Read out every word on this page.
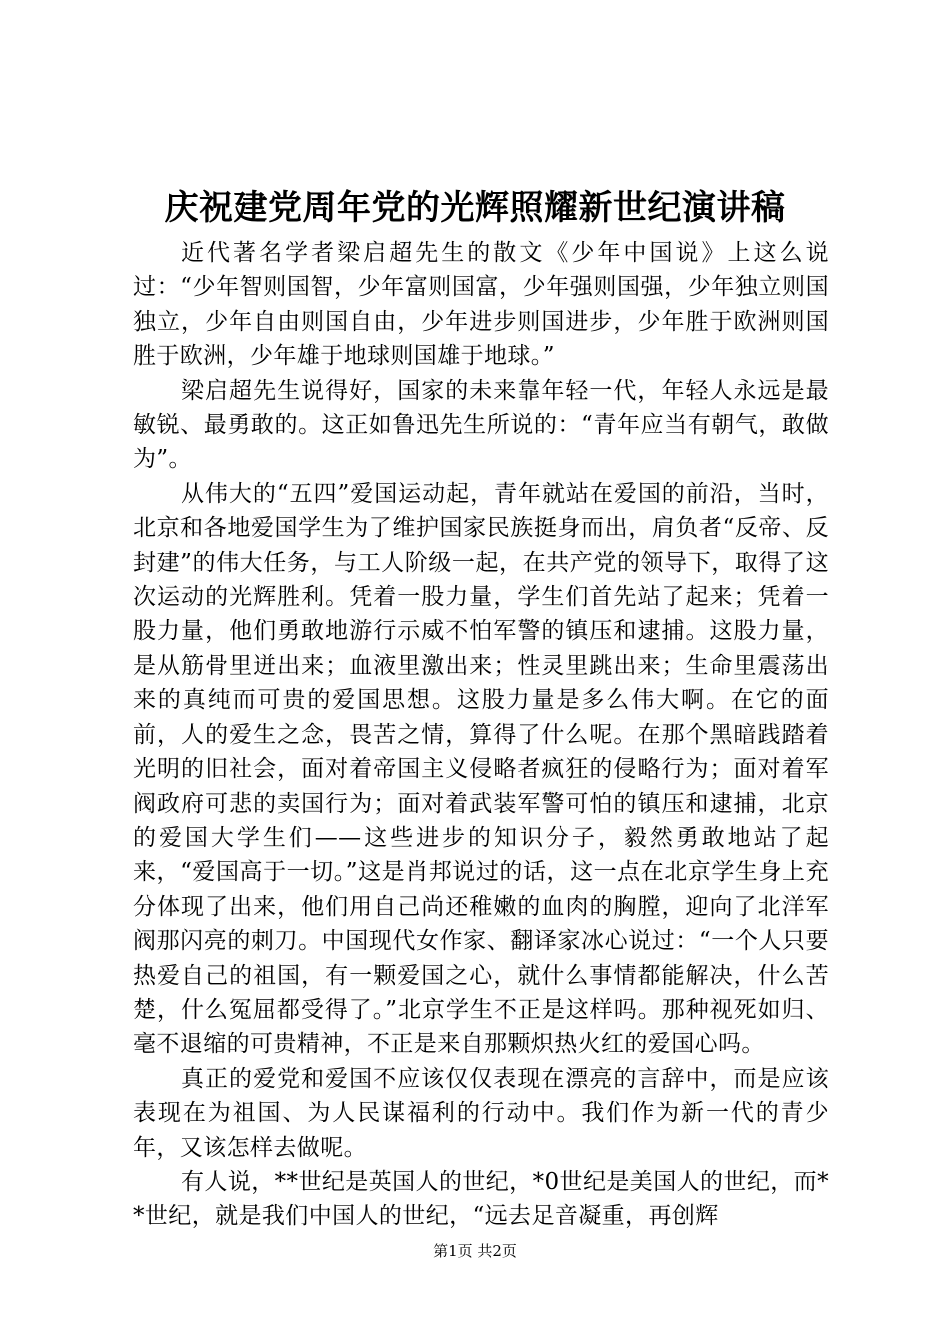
庆祝建党周年党的光辉照耀新世纪演讲稿

近代著名学者梁启超先生的散文《少年中国说》上这么说过：“少年智则国智，少年富则国富，少年强则国强，少年独立则国独立，少年自由则国自由，少年进步则国进步，少年胜于欧洲则国胜于欧洲，少年雄于地球则国雄于地球。”

梁启超先生说得好，国家的未来靠年轻一代，年轻人永远是最敏锐、最勇敢的。这正如鲁迅先生所说的：“青年应当有朝气，敢做为”。

从伟大的“五四”爱国运动起，青年就站在爱国的前沿，当时，北京和各地爱国学生为了维护国家民族挺身而出，肩负者“反帝、反封建”的伟大任务，与工人阶级一起，在共产党的领导下，取得了这次运动的光辉胜利。凭着一股力量，学生们首先站了起来；凭着一股力量，他们勇敢地游行示威不怕军警的镇压和逮捕。这股力量，是从筋骨里迸出来；血液里激出来；性灵里跳出来；生命里震荡出来的真纯而可贵的爱国思想。这股力量是多么伟大啊。在它的面前，人的爱生之念，畏苦之情，算得了什么呢。在那个黑暗践踏着光明的旧社会，面对着帝国主义侵略者疯狂的侵略行为；面对着军阀政府可悲的卖国行为；面对着武装军警可怕的镇压和逮捕，北京的爱国大学生们——这些进步的知识分子，毅然勇敢地站了起来，“爱国高于一切。”这是肖邦说过的话，这一点在北京学生身上充分体现了出来，他们用自己尚还稚嫩的血肉的胸膛，迎向了北洋军阀那闪亮的刺刀。中国现代女作家、翻译家冰心说过：“一个人只要热爱自己的祖国，有一颗爱国之心，就什么事情都能解决，什么苦楚，什么冤屈都受得了。”北京学生不正是这样吗。那种视死如归、毫不退缩的可贵精神，不正是来自那颗炽热火红的爱国心吗。

真正的爱党和爱国不应该仅仅表现在漂亮的言辞中，而是应该表现在为祖国、为人民谋福利的行动中。我们作为新一代的青少年，又该怎样去做呢。

有人说，**世纪是英国人的世纪，*0世纪是美国人的世纪，而**世纪，就是我们中国人的世纪，“远去足音凝重，再创辉

第1页 共2页
